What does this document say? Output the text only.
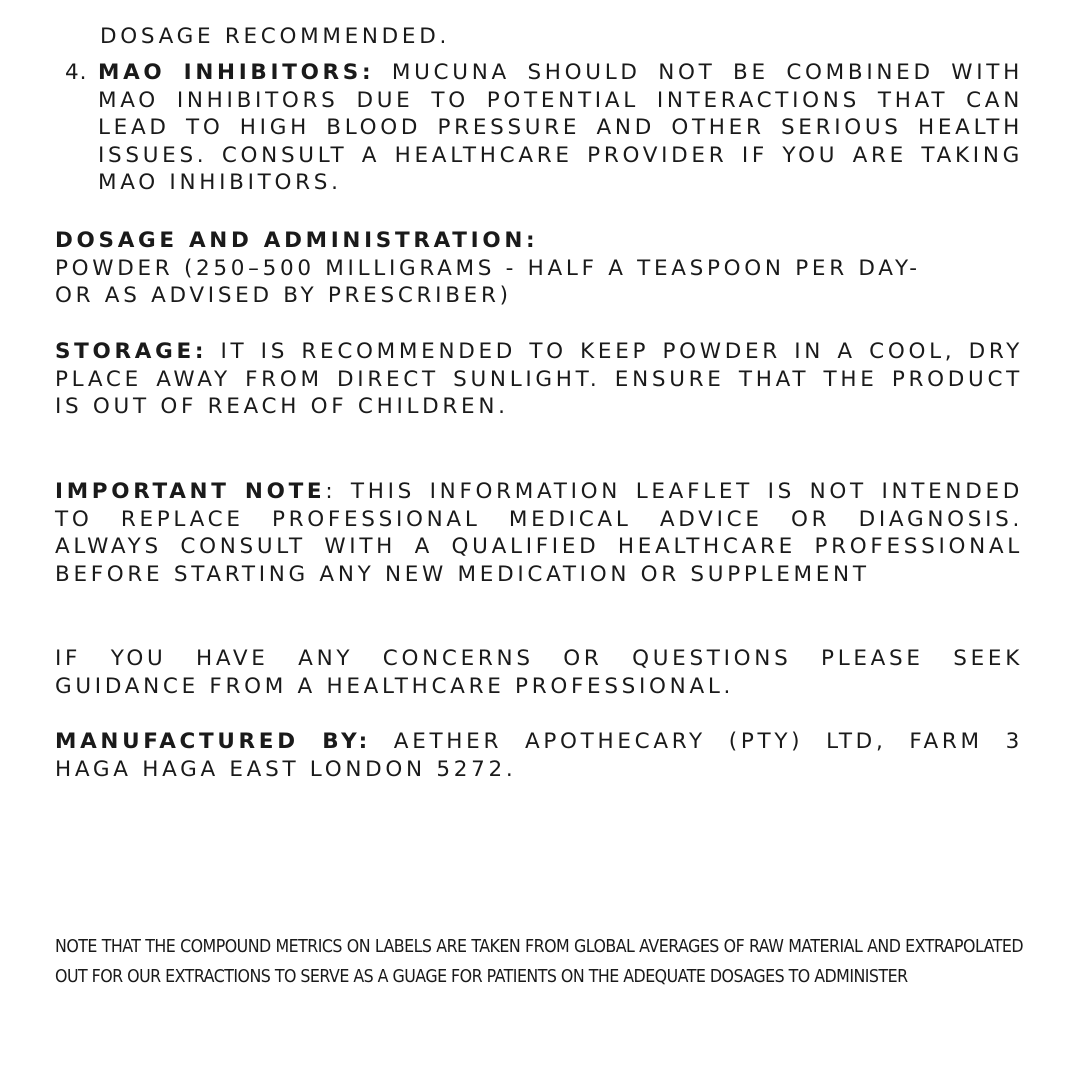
DOSAGE RECOMMENDED.
4. MAO INHIBITORS: MUCUNA SHOULD NOT BE COMBINED WITH MAO INHIBITORS DUE TO POTENTIAL INTERACTIONS THAT CAN LEAD TO HIGH BLOOD PRESSURE AND OTHER SERIOUS HEALTH ISSUES. CONSULT A HEALTHCARE PROVIDER IF YOU ARE TAKING MAO INHIBITORS.

DOSAGE AND ADMINISTRATION:

POWDER (250–500 MILLIGRAMS - HALF A TEASPOON PER DAY- OR AS ADVISED BY PRESCRIBER)

STORAGE: IT IS RECOMMENDED TO KEEP POWDER IN A COOL, DRY PLACE AWAY FROM DIRECT SUNLIGHT. ENSURE THAT THE PRODUCT IS OUT OF REACH OF CHILDREN.

IMPORTANT NOTE: THIS INFORMATION LEAFLET IS NOT INTENDED TO REPLACE PROFESSIONAL MEDICAL ADVICE OR DIAGNOSIS. ALWAYS CONSULT WITH A QUALIFIED HEALTHCARE PROFESSIONAL BEFORE STARTING ANY NEW MEDICATION OR SUPPLEMENT

IF YOU HAVE ANY CONCERNS OR QUESTIONS PLEASE SEEK GUIDANCE FROM A HEALTHCARE PROFESSIONAL.

MANUFACTURED BY: AETHER APOTHECARY (PTY) LTD, FARM 3 HAGA HAGA EAST LONDON 5272.

NOTE THAT THE COMPOUND METRICS ON LABELS ARE TAKEN FROM GLOBAL AVERAGES OF RAW MATERIAL AND EXTRAPOLATED OUT FOR OUR EXTRACTIONS TO SERVE AS A GUAGE FOR PATIENTS ON THE ADEQUATE DOSAGES TO ADMINISTER
